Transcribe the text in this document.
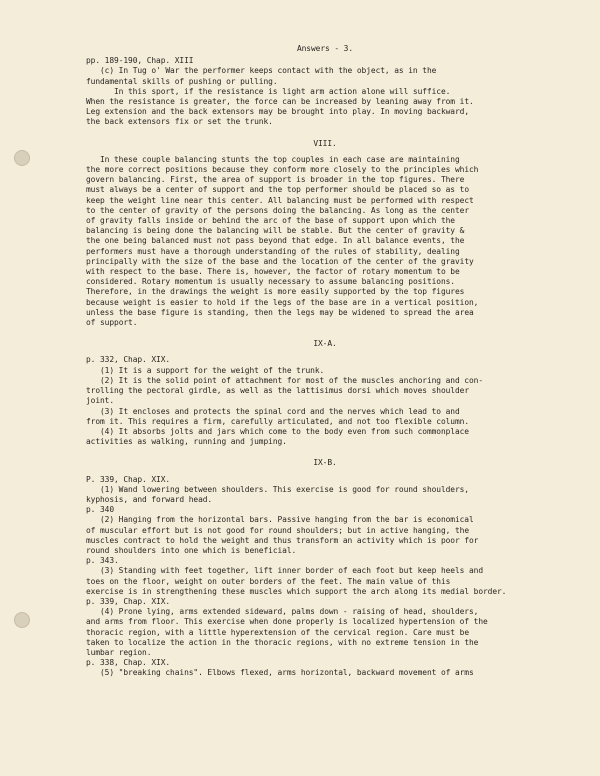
Answers - 3.

pp. 189-190, Chap. XIII

(c) In Tug o' War the performer keeps contact with the object, as in the

fundamental skills of pushing or pulling.

In this sport, if the resistance is light arm action alone will suffice.

When the resistance is greater, the force can be increased by leaning away from it.

Leg extension and the back extensors may be brought into play. In moving backward,

the back extensors fix or set the trunk.

VIII.

In these couple balancing stunts the top couples in each case are maintaining

the more correct positions because they conform more closely to the principles which

govern balancing. First, the area of support is broader in the top figures. There

must always be a center of support and the top performer should be placed so as to

keep the weight line near this center. All balancing must be performed with respect

to the center of gravity of the persons doing the balancing. As long as the center

of gravity falls inside or behind the arc of the base of support upon which the

balancing is being done the balancing will be stable. But the center of gravity &

the one being balanced must not pass beyond that edge. In all balance events, the

performers must have a thorough understanding of the rules of stability, dealing

principally with the size of the base and the location of the center of the gravity

with respect to the base. There is, however, the factor of rotary momentum to be

considered. Rotary momentum is usually necessary to assume balancing positions.

Therefore, in the drawings the weight is more easily supported by the top figures

because weight is easier to hold if the legs of the base are in a vertical position,

unless the base figure is standing, then the legs may be widened to spread the area

of support.

IX-A.

p. 332, Chap. XIX.

(1) It is a support for the weight of the trunk.

(2) It is the solid point of attachment for most of the muscles anchoring and con-

trolling the pectoral girdle, as well as the lattisimus dorsi which moves shoulder

joint.

(3) It encloses and protects the spinal cord and the nerves which lead to and

from it. This requires a firm, carefully articulated, and not too flexible column.

(4) It absorbs jolts and jars which come to the body even from such commonplace

activities as walking, running and jumping.

IX-B.

P. 339, Chap. XIX.

(1) Wand lowering between shoulders. This exercise is good for round shoulders,

kyphosis, and forward head.

p. 340

(2) Hanging from the horizontal bars. Passive hanging from the bar is economical

of muscular effort but is not good for round shoulders; but in active hanging, the

muscles contract to hold the weight and thus transform an activity which is poor for

round shoulders into one which is beneficial.

p. 343.

(3) Standing with feet together, lift inner border of each foot but keep heels and

toes on the floor, weight on outer borders of the feet. The main value of this

exercise is in strengthening these muscles which support the arch along its medial border.

p. 339, Chap. XIX.

(4) Prone lying, arms extended sideward, palms down - raising of head, shoulders,

and arms from floor. This exercise when done properly is localized hypertension of the

thoracic region, with a little hyperextension of the cervical region. Care must be

taken to localize the action in the thoracic regions, with no extreme tension in the

lumbar region.

p. 338, Chap. XIX.

(5) "breaking chains". Elbows flexed, arms horizontal, backward movement of arms
